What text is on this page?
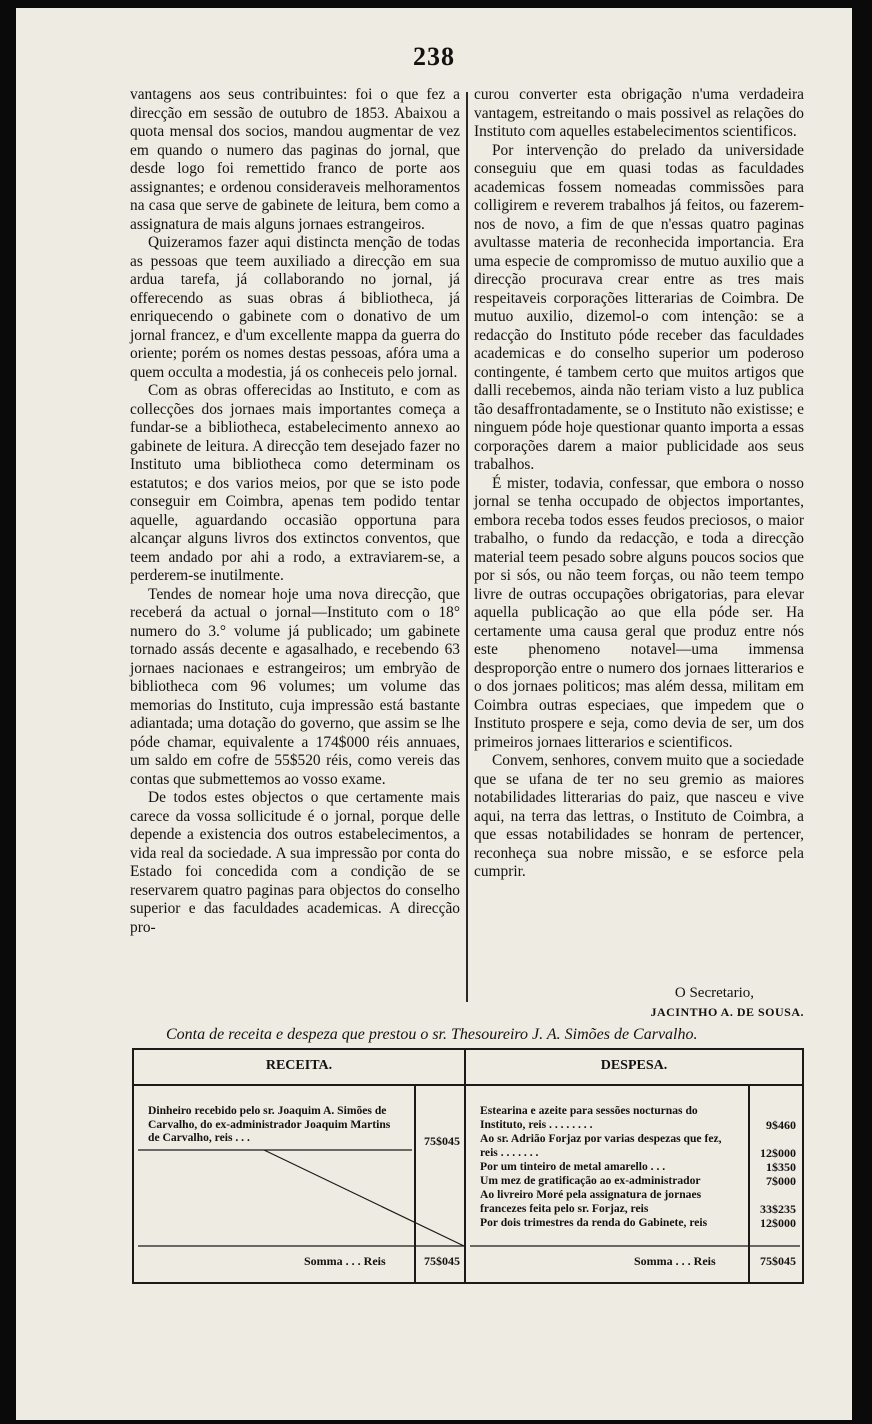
238

vantagens aos seus contribuintes: foi o que fez a direcção em sessão de outubro de 1853. Abaixou a quota mensal dos socios, mandou augmentar de vez em quando o numero das paginas do jornal, que desde logo foi remettido franco de porte aos assignantes; e ordenou consideraveis melhoramentos na casa que serve de gabinete de leitura, bem como a assignatura de mais alguns jornaes estrangeiros.

Quizeramos fazer aqui distincta menção de todas as pessoas que teem auxiliado a direcção em sua ardua tarefa, já collaborando no jornal, já offerecendo as suas obras á bibliotheca, já enriquecendo o gabinete com o donativo de um jornal francez, e d'um excellente mappa da guerra do oriente; porém os nomes destas pessoas, afóra uma a quem occulta a modestia, já os conheceis pelo jornal.

Com as obras offerecidas ao Instituto, e com as collecções dos jornaes mais importantes começa a fundar-se a bibliotheca, estabelecimento annexo ao gabinete de leitura. A direcção tem desejado fazer no Instituto uma bibliotheca como determinam os estatutos; e dos varios meios, por que se isto pode conseguir em Coimbra, apenas tem podido tentar aquelle, aguardando occasião opportuna para alcançar alguns livros dos extinctos conventos, que teem andado por ahi a rodo, a extraviarem-se, a perderem-se inutilmente.

Tendes de nomear hoje uma nova direcção, que receberá da actual o jornal—Instituto com o 18° numero do 3.° volume já publicado; um gabinete tornado assás decente e agasalhado, e recebendo 63 jornaes nacionaes e estrangeiros; um embryão de bibliotheca com 96 volumes; um volume das memorias do Instituto, cuja impressão está bastante adiantada; uma dotação do governo, que assim se lhe póde chamar, equivalente a 174$000 réis annuaes, um saldo em cofre de 55$520 réis, como vereis das contas que submettemos ao vosso exame.

De todos estes objectos o que certamente mais carece da vossa sollicitude é o jornal, porque delle depende a existencia dos outros estabelecimentos, a vida real da sociedade. A sua impressão por conta do Estado foi concedida com a condição de se reservarem quatro paginas para objectos do conselho superior e das faculdades academicas. A direcção pro-

curou converter esta obrigação n'uma verdadeira vantagem, estreitando o mais possivel as relações do Instituto com aquelles estabelecimentos scientificos.

Por intervenção do prelado da universidade conseguiu que em quasi todas as faculdades academicas fossem nomeadas commissões para colligirem e reverem trabalhos já feitos, ou fazerem-nos de novo, a fim de que n'essas quatro paginas avultasse materia de reconhecida importancia. Era uma especie de compromisso de mutuo auxilio que a direcção procurava crear entre as tres mais respeitaveis corporações litterarias de Coimbra. De mutuo auxilio, dizemol-o com intenção: se a redacção do Instituto póde receber das faculdades academicas e do conselho superior um poderoso contingente, é tambem certo que muitos artigos que dalli recebemos, ainda não teriam visto a luz publica tão desaffrontadamente, se o Instituto não existisse; e ninguem póde hoje questionar quanto importa a essas corporações darem a maior publicidade aos seus trabalhos.

É mister, todavia, confessar, que embora o nosso jornal se tenha occupado de objectos importantes, embora receba todos esses feudos preciosos, o maior trabalho, o fundo da redacção, e toda a direcção material teem pesado sobre alguns poucos socios que por si sós, ou não teem forças, ou não teem tempo livre de outras occupações obrigatorias, para elevar aquella publicação ao que ella póde ser. Ha certamente uma causa geral que produz entre nós este phenomeno notavel—uma immensa desproporção entre o numero dos jornaes litterarios e o dos jornaes politicos; mas além dessa, militam em Coimbra outras especiaes, que impedem que o Instituto prospere e seja, como devia de ser, um dos primeiros jornaes litterarios e scientificos.

Convem, senhores, convem muito que a sociedade que se ufana de ter no seu gremio as maiores notabilidades litterarias do paiz, que nasceu e vive aqui, na terra das lettras, o Instituto de Coimbra, a que essas notabilidades se honram de pertencer, reconheça sua nobre missão, e se esforce pela cumprir.

O Secretario,
JACINTHO A. DE SOUSA.
Conta de receita e despeza que prestou o sr. Thesoureiro J. A. Simões de Carvalho.
RECEITA.	DESPESA.
Dinheiro recebido pelo sr. Joaquim A. Simões de Carvalho, do ex-administrador Joaquim Martins de Carvalho, reis . . .	75$045
Estearina e azeite para sessões nocturnas do Instituto, reis . . . . . . . .	9$460
Ao sr. Adrião Forjaz por varias despezas que fez, reis . . . . . . .	12$000
Por um tinteiro de metal amarello . . .	1$350
Um mez de gratificação ao ex-administrador	7$000
Ao livreiro Moré pela assignatura de jornaes francezes feita pelo sr. Forjaz, reis	33$235
Por dois trimestres da renda do Gabinete, reis	12$000
Somma . . . Reis	75$045	Somma . . . Reis	75$045
